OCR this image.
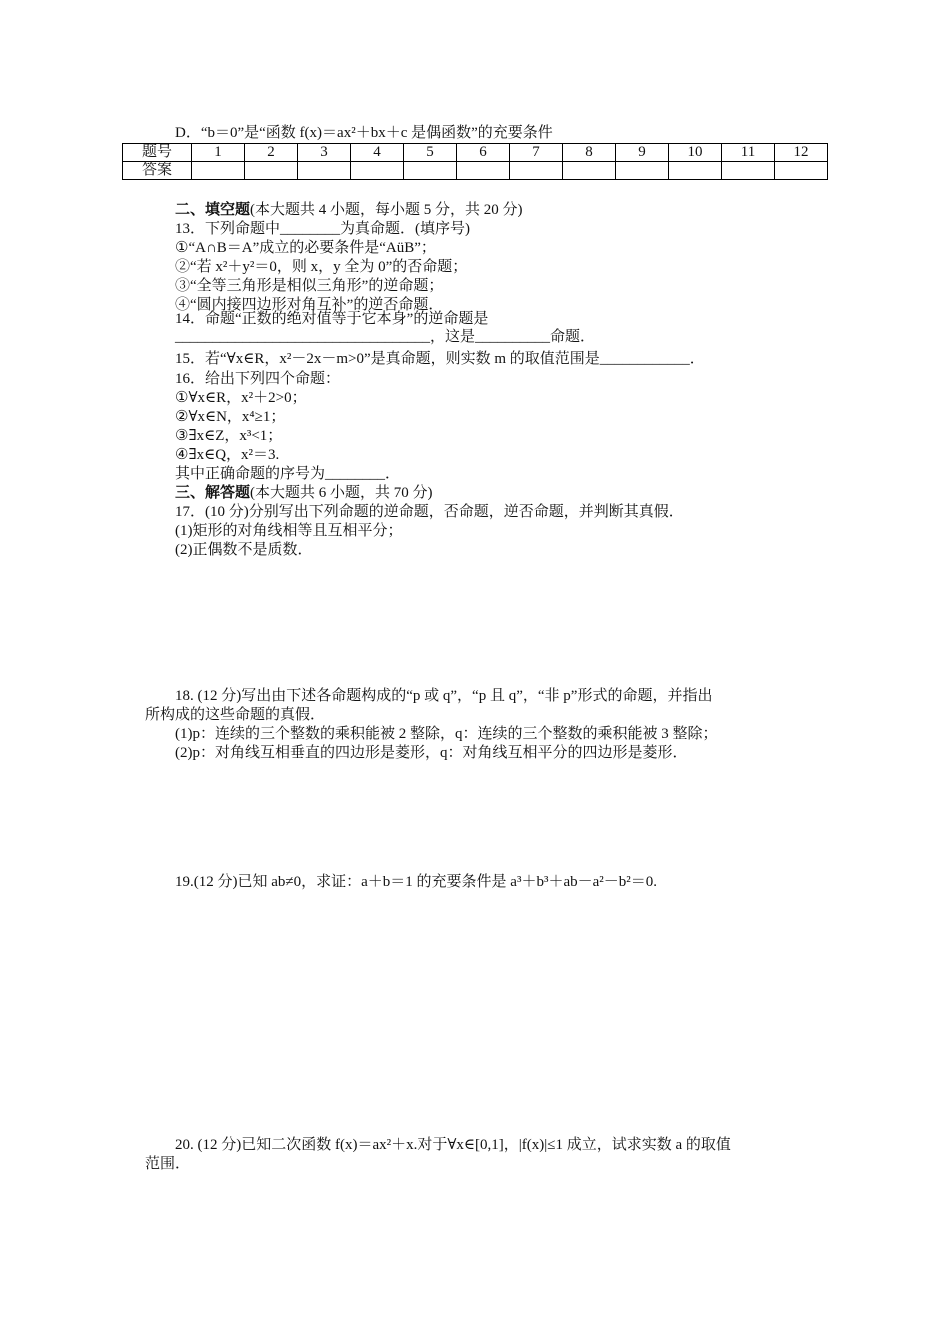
D．“b＝0”是“函数 f(x)＝ax²＋bx＋c 是偶函数”的充要条件
题号	1	2	3	4	5	6	7	8	9	10	11	12
答案												
二、填空题(本大题共 4 小题，每小题 5 分，共 20 分)
13．下列命题中________为真命题．(填序号)
①“A∩B＝A”成立的必要条件是“AüB”；
②“若 x²＋y²＝0，则 x，y 全为 0”的否命题；
③“全等三角形是相似三角形”的逆命题；
④“圆内接四边形对角互补”的逆否命题．
14．命题“正数的绝对值等于它本身”的逆命题是
__________________________________，这是__________命题．
15．若“∀x∈R，x²－2x－m>0”是真命题，则实数 m 的取值范围是____________．
16．给出下列四个命题：
①∀x∈R，x²＋2>0；
②∀x∈N，x⁴≥1；
③∃x∈Z，x³<1；
④∃x∈Q，x²＝3.
其中正确命题的序号为________．
三、解答题(本大题共 6 小题，共 70 分)
17．(10 分)分别写出下列命题的逆命题，否命题，逆否命题，并判断其真假．
(1)矩形的对角线相等且互相平分；
(2)正偶数不是质数．
18. (12 分)写出由下述各命题构成的“p 或 q”，“p 且 q”，“非 p”形式的命题，并指出
所构成的这些命题的真假．
(1)p：连续的三个整数的乘积能被 2 整除，q：连续的三个整数的乘积能被 3 整除；
(2)p：对角线互相垂直的四边形是菱形，q：对角线互相平分的四边形是菱形．
19.(12 分)已知 ab≠0，求证：a＋b＝1 的充要条件是 a³＋b³＋ab－a²－b²＝0.
20. (12 分)已知二次函数 f(x)＝ax²＋x.对于∀x∈[0,1]，|f(x)|≤1 成立，试求实数 a 的取值
范围．
